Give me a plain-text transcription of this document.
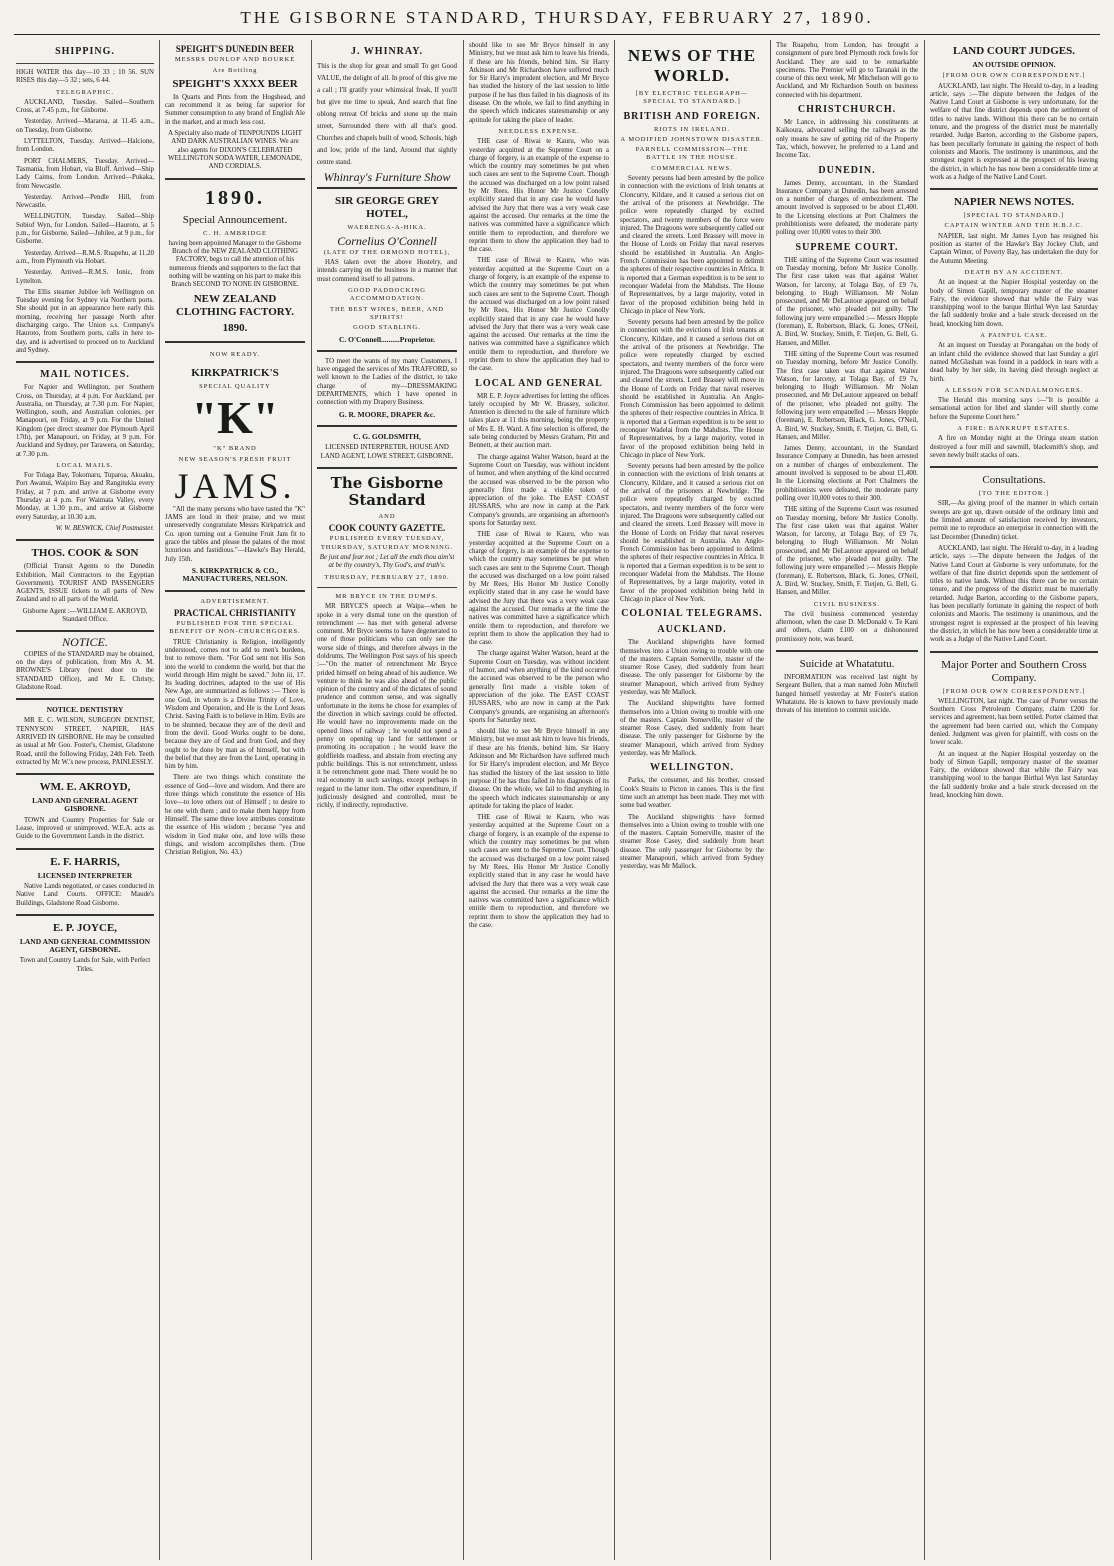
THE GISBORNE STANDARD, THURSDAY, FEBRUARY 27, 1890.
SHIPPING.

HIGH WATER this day—10 33 ; 10 56. SUN RISES this day—5 32 ; sets, 6 44.

TELEGRAPHIC.

AUCKLAND, Tuesday. Sailed—Southern Cross, at 7.45 p.m., for Gisborne.

Yesterday. Arrived—Mararoa, at 11.45 a.m., on Tuesday, from Gisborne.

LYTTELTON, Tuesday. Arrived—Halcione, from London.

PORT CHALMERS, Tuesday. Arrived—Tasmania, from Hobart, via Bluff. Arrived—Ship Lady Caims, from London. Arrived—Pukaka, from Newcastle.

Yesterday. Arrived—Pendle Hill, from Newcastle.

WELLINGTON, Tuesday. Sailed—Ship Sobiof Wyn, for London. Sailed—Hauroto, at 5 p.m., for Gisborne. Sailed—Jubilee, at 9 p.m., for Gisborne.

Yesterday. Arrived—R.M.S. Ruapehu, at 11.20 a.m., from Plymouth via Hobart.

Yesterday. Arrived—R.M.S. Ionic, from Lyttelton.

The Ellis steamer Jubilee left Wellington on Tuesday evening for Sydney via Northern ports. She should put in an appearance here early this morning, receiving her passage North after discharging cargo. The Union s.s. Company's Hauroto, from Southern ports, calls in here to-day, and is advertised to proceed on to Auckland and Sydney.

MAIL NOTICES.

For Napier and Wellington, per Southern Cross, on Thursday, at 4 p.m. For Auckland, per Australia, on Thursday, at 7.30 p.m. For Napier, Wellington, south, and Australian colonies, per Manapouri, on Friday, at 9 p.m. For the United Kingdom (per direct steamer doe Plymouth April 17th), per Manapouri, on Friday, at 9 p.m. For Auckland and Sydney, per Tarawera, on Saturday, at 7.30 p.m.

LOCAL MAILS.

For Tolaga Bay, Tokomaru, Tuparoa, Akuaku, Port Awanui, Waipiro Bay and Rangitukia every Friday, at 7 p.m. and arrive at Gisborne every Thursday at 4 p.m. For Waimata Valley, every Monday, at 1.30 p.m., and arrive at Gisborne every Saturday, at 10.30 a.m.

W. W. BESWICK, Chief Postmaster.

THOS. COOK & SON

(Official Transit Agents to the Dunedin Exhibition, Mail Contractors to the Egyptian Government). TOURIST AND PASSENGERS AGENTS, ISSUE tickets to all parts of New Zealand and to all parts of the World.

Gisborne Agent :—WILLIAM E. AKROYD, Standard Office.

NOTICE.

COPIES of the STANDARD may be obtained, on the days of publication, from Mrs A. M. BROWNE'S Library (next door to the STANDARD Office), and Mr E. Christy, Gladstone Road.

NOTICE. DENTISTRY

MR E. C. WILSON, SURGEON DENTIST, TENNYSON STREET, NAPIER, HAS ARRIVED IN GISBORNE. He may be consulted as usual at Mr Goo. Foster's, Chemist, Gladstone Road, until the following Friday, 24th Feb. Teeth extracted by Mr W.'s new process, PAINLESSLY.

WM. E. AKROYD,
LAND AND GENERAL AGENT GISBORNE.

TOWN and Country Properties for Sale or Lease, improved or unimproved. W.E.A. acts as Guide to the Government Lands in the district.

E. F. HARRIS,
LICENSED INTERPRETER

Native Lands negotiated, or cases conducted in Native Land Courts. OFFICE: Maude's Buildings, Gladstone Road Gisborne.

E. P. JOYCE,
LAND AND GENERAL COMMISSION AGENT, GISBORNE.

Town and Country Lands for Sale, with Perfect Titles.

SPEIGHT'S DUNEDIN BEER
MESSRS DUNLOP AND BOURKE
Are Bottling
SPEIGHT'S XXXX BEER

In Quarts and Pints from the Hogshead, and can recommend it as being far superior for Summer consumption to any brand of English Ale in the market, and at much less cost.

A Specialty also made of TENPOUNDS LIGHT AND DARK AUSTRALIAN WINES. We are also agents for DIXON'S CELEBRATED WELLINGTON SODA WATER, LEMONADE, AND CORDIALS.

1890.
Special Announcement.
C. H. AMBRIDGE

having been appointed Manager to the Gisborne Branch of the NEW ZEALAND CLOTHING FACTORY, begs to call the attention of his numerous friends and supporters to the fact that nothing will be wanting on his part to make this Branch SECOND TO NONE IN GISBORNE.

NEW ZEALAND CLOTHING FACTORY.
1890.
NOW READY.
KIRKPATRICK'S
SPECIAL QUALITY
"K"
"K" BRAND
NEW SEASON'S FRESH FRUIT
JAMS.

"All the many persons who have tasted the "K" JAMS are loud in their praise, and we must unreservedly congratulate Messrs Kirkpatrick and Co. upon turning out a Genuine Fruit Jam fit to grace the tables and please the palates of the most luxurious and fastidious."—Hawke's Bay Herald, July 15th.

S. KIRKPATRICK & CO., MANUFACTURERS, NELSON.
ADVERTISEMENT.
PRACTICAL CHRISTIANITY
PUBLISHED FOR THE SPECIAL BENEFIT OF NON-CHURCHGOERS.

TRUE Christianity is Religion, intelligently understood, comes not to add to men's burdens, but to remove them. "For God sent not His Son into the world to condemn the world, but that the world through Him might be saved." John iii, 17. Its leading doctrines, adapted to the use of His New Age, are summarized as follows :— There is one God, in whom is a Divine Trinity of Love, Wisdom and Operation, and He is the Lord Jesus Christ. Saving Faith is to believe in Him. Evils are to be shunned, because they are of the devil and from the devil. Good Works ought to be done, because they are of God and from God, and they ought to be done by man as of himself, but with the belief that they are from the Lord, operating in him by him.

There are two things which constitute the essence of God—love and wisdom. And there are three things which constitute the essence of His love—to love others out of Himself ; to desire to be one with them ; and to make them happy from Himself. The same three love attributes constitute the essence of His wisdom ; because "yea and wisdom in God make one, and love wills these things, and wisdom accomplishes them. (True Christian Religion, No. 43.)

J. WHINRAY.

This is the shop for great and small To get Good VALUE, the delight of all. In proof of this give me a call ; I'll gratify your whimsical freak, If you'll but give me time to speak, And search that fine oblong retreat Of bricks and stone up the main street, Surrounded there with all that's good. Churches and chapels built of wood, Schools, high and low, pride of the land, Around that sightly centre stand.

Whinray's Furniture Show
SIR GEORGE GREY HOTEL,
WAERENGA-A-HIKA.
Cornelius O'Connell
(LATE OF THE ORMOND HOTEL),

HAS taken over the above Hostelry, and intends carrying on the business in a manner that must commend itself to all patrons.

GOOD PADDOCKING ACCOMMODATION.
THE BEST WINES, BEER, AND SPIRITS!
GOOD STABLING.
C. O'Connell..........Proprietor.

TO meet the wants of my many Customers, I have engaged the services of Mrs TRAFFORD, so well known to the Ladies of the district, to take charge of my—DRESSMAKING DEPARTMENTS, which I have opened in connection with my Drapery Business.

G. R. MOORE, DRAPER &c.
C. G. GOLDSMITH,

LICENSED INTERPRETER, HOUSE AND LAND AGENT, LOWE STREET, GISBORNE.

The Gisborne Standard
AND
COOK COUNTY GAZETTE.
PUBLISHED EVERY TUESDAY, THURSDAY, SATURDAY MORNING.

Be just and fear not ; Let all the ends thou aim'st at be thy country's, Thy God's, and truth's.

THURSDAY, FEBRUARY 27, 1890.
MR BRYCE IN THE DUMPS.

MR BRYCE'S speech at Waipa—when he spoke in a very dismal tone on the question of retrenchment — has met with general adverse comment. Mr Bryce seems to have degenerated to one of those politicians who can only see the worse side of things, and therefore always in the doldrums. The Wellington Post says of his speech :—"On the matter of retrenchment Mr Bryce prided himself on being ahead of his audience. We venture to think he was also ahead of the public opinion of the country and of the dictates of sound prudence and common sense, and was signally unfortunate in the items he chose for examples of the direction in which savings could be effected. He would have no improvements made on the opened lines of railway ; he would not spend a penny on opening up land for settlement or promoting its occupation ; he would leave the goldfields roadless, and abstain from erecting any public buildings. This is not retrenchment, unless it be retrenchment gone mad. There would be no real economy in such savings, except perhaps in regard to the latter item. The other expenditure, if judiciously designed and controlled, must be richly, if indirectly, reproductive.

should like to see Mr Bryce himself in any Ministry, but we must ask him to leave his friends, if these are his friends, behind him. Sir Harry Atkinson and Mr Richardson have suffered much for Sir Harry's imprudent election, and Mr Bryce has studied the history of the last session to little purpose if he has thus failed in his diagnosis of its disease. On the whole, we fail to find anything in the speech which indicates statesmanship or any aptitude for taking the place of leader.

NEEDLESS EXPENSE.

THE case of Riwai te Kauru, who was yesterday acquitted at the Supreme Court on a charge of forgery, is an example of the expense to which the country may sometimes be put when such cases are sent to the Supreme Court. Though the accused was discharged on a low point raised by Mr Rees, His Honor Mr Justice Conolly explicitly stated that in any case he would have advised the Jury that there was a very weak case against the accused. Our remarks at the time the natives was committed have a significance which entitle them to reproduction, and therefore we reprint them to show the application they had to the case.

THE case of Riwai te Kauru, who was yesterday acquitted at the Supreme Court on a charge of forgery, is an example of the expense to which the country may sometimes be put when such cases are sent to the Supreme Court. Though the accused was discharged on a low point raised by Mr Rees, His Honor Mr Justice Conolly explicitly stated that in any case he would have advised the Jury that there was a very weak case against the accused. Our remarks at the time the natives was committed have a significance which entitle them to reproduction, and therefore we reprint them to show the application they had to the case.

LOCAL AND GENERAL

MR E. P. Joyce advertises for letting the offices lately occupied by Mr W. Brassey, solicitor. Attention is directed to the sale of furniture which takes place at 11 this morning, being the property of Mrs E. H. Ward. A fine selection is offered, the sale being conducted by Messrs Graham, Pitt and Bennett, at their auction mart.

The charge against Walter Watson, heard at the Supreme Court on Tuesday, was without incident of humor, and when anything of the kind occurred the accused was observed to be the person who generally first made a visible token of appreciation of the joke. The EAST COAST HUSSARS, who are now in camp at the Park Company's grounds, are organising an afternoon's sports for Saturday next.

THE case of Riwai te Kauru, who was yesterday acquitted at the Supreme Court on a charge of forgery, is an example of the expense to which the country may sometimes be put when such cases are sent to the Supreme Court. Though the accused was discharged on a low point raised by Mr Rees, His Honor Mr Justice Conolly explicitly stated that in any case he would have advised the Jury that there was a very weak case against the accused. Our remarks at the time the natives was committed have a significance which entitle them to reproduction, and therefore we reprint them to show the application they had to the case.

The charge against Walter Watson, heard at the Supreme Court on Tuesday, was without incident of humor, and when anything of the kind occurred the accused was observed to be the person who generally first made a visible token of appreciation of the joke. The EAST COAST HUSSARS, who are now in camp at the Park Company's grounds, are organising an afternoon's sports for Saturday next.

should like to see Mr Bryce himself in any Ministry, but we must ask him to leave his friends, if these are his friends, behind him. Sir Harry Atkinson and Mr Richardson have suffered much for Sir Harry's imprudent election, and Mr Bryce has studied the history of the last session to little purpose if he has thus failed in his diagnosis of its disease. On the whole, we fail to find anything in the speech which indicates statesmanship or any aptitude for taking the place of leader.

THE case of Riwai te Kauru, who was yesterday acquitted at the Supreme Court on a charge of forgery, is an example of the expense to which the country may sometimes be put when such cases are sent to the Supreme Court. Though the accused was discharged on a low point raised by Mr Rees, His Honor Mr Justice Conolly explicitly stated that in any case he would have advised the Jury that there was a very weak case against the accused. Our remarks at the time the natives was committed have a significance which entitle them to reproduction, and therefore we reprint them to show the application they had to the case.

NEWS OF THE WORLD.
[BY ELECTRIC TELEGRAPH—SPECIAL TO STANDARD.]
BRITISH AND FOREIGN.
RIOTS IN IRELAND.
A MODIFIED JOHNSTOWN DISASTER.
PARNELL COMMISSION—THE BATTLE IN THE HOUSE.
COMMERCIAL NEWS.

Seventy persons had been arrested by the police in connection with the evictions of Irish tenants at Cloncurry, Kildare, and it caused a serious riot on the arrival of the prisoners at Newbridge. The police were repeatedly charged by excited spectators, and twenty members of the force were injured. The Dragoons were subsequently called out and cleared the streets. Lord Brassey will move in the House of Lords on Friday that naval reserves should be established in Australia. An Anglo-French Commission has been appointed to delimit the spheres of their respective countries in Africa. It is reported that a German expedition is to be sent to reconquer Wadelai from the Mahdists. The House of Representatives, by a large majority, voted in favor of the proposed exhibition being held in Chicago in place of New York.

Seventy persons had been arrested by the police in connection with the evictions of Irish tenants at Cloncurry, Kildare, and it caused a serious riot on the arrival of the prisoners at Newbridge. The police were repeatedly charged by excited spectators, and twenty members of the force were injured. The Dragoons were subsequently called out and cleared the streets. Lord Brassey will move in the House of Lords on Friday that naval reserves should be established in Australia. An Anglo-French Commission has been appointed to delimit the spheres of their respective countries in Africa. It is reported that a German expedition is to be sent to reconquer Wadelai from the Mahdists. The House of Representatives, by a large majority, voted in favor of the proposed exhibition being held in Chicago in place of New York.

Seventy persons had been arrested by the police in connection with the evictions of Irish tenants at Cloncurry, Kildare, and it caused a serious riot on the arrival of the prisoners at Newbridge. The police were repeatedly charged by excited spectators, and twenty members of the force were injured. The Dragoons were subsequently called out and cleared the streets. Lord Brassey will move in the House of Lords on Friday that naval reserves should be established in Australia. An Anglo-French Commission has been appointed to delimit the spheres of their respective countries in Africa. It is reported that a German expedition is to be sent to reconquer Wadelai from the Mahdists. The House of Representatives, by a large majority, voted in favor of the proposed exhibition being held in Chicago in place of New York.

COLONIAL TELEGRAMS.
AUCKLAND.

The Auckland shipwrights have formed themselves into a Union owing to trouble with one of the masters. Captain Somerville, master of the steamer Rose Casey, died suddenly from heart disease. The only passenger for Gisborne by the steamer Manapouri, which arrived from Sydney yesterday, was Mr Mallock.

The Auckland shipwrights have formed themselves into a Union owing to trouble with one of the masters. Captain Somerville, master of the steamer Rose Casey, died suddenly from heart disease. The only passenger for Gisborne by the steamer Manapouri, which arrived from Sydney yesterday, was Mr Mallock.

WELLINGTON.

Parks, the consumer, and his brother, crossed Cook's Straits to Picton in canoes. This is the first time such an attempt has been made. They met with some bad weather.

The Auckland shipwrights have formed themselves into a Union owing to trouble with one of the masters. Captain Somerville, master of the steamer Rose Casey, died suddenly from heart disease. The only passenger for Gisborne by the steamer Manapouri, which arrived from Sydney yesterday, was Mr Mallock.

The Ruapehu, from London, has brought a consignment of pure bred Plymouth rock fowls for Auckland. They are said to be remarkable specimens. The Premier will go to Taranaki in the course of this next week, Mr Mitchelson will go to Auckland, and Mr Richardson South on business connected with his department.

CHRISTCHURCH.

Mr Lance, in addressing his constituents at Kaikoura, advocated selling the railways as the only means he saw of getting rid of the Property Tax, which, however, he preferred to a Land and Income Tax.

DUNEDIN.

James Denny, accountant, in the Standard Insurance Company at Dunedin, has been arrested on a number of charges of embezzlement. The amount involved is supposed to be about £1,400. In the Licensing elections at Port Chalmers the prohibitionists were defeated, the moderate party polling over 10,000 votes to their 300.

SUPREME COURT.

THE sitting of the Supreme Court was resumed on Tuesday morning, before Mr Justice Conolly. The first case taken was that against Walter Watson, for larceny, at Tolaga Bay, of £9 7s, belonging to Hugh Williamson. Mr Nolan prosecuted, and Mr DeLautour appeared on behalf of the prisoner, who pleaded not guilty. The following jury were empanelled :— Messrs Hepple (foreman), E. Robertson, Black, G. Jones, O'Neil, A. Bird, W. Stuckey, Smith, F. Tietjen, G. Bell, G. Hansen, and Miller.

THE sitting of the Supreme Court was resumed on Tuesday morning, before Mr Justice Conolly. The first case taken was that against Walter Watson, for larceny, at Tolaga Bay, of £9 7s, belonging to Hugh Williamson. Mr Nolan prosecuted, and Mr DeLautour appeared on behalf of the prisoner, who pleaded not guilty. The following jury were empanelled :— Messrs Hepple (foreman), E. Robertson, Black, G. Jones, O'Neil, A. Bird, W. Stuckey, Smith, F. Tietjen, G. Bell, G. Hansen, and Miller.

James Denny, accountant, in the Standard Insurance Company at Dunedin, has been arrested on a number of charges of embezzlement. The amount involved is supposed to be about £1,400. In the Licensing elections at Port Chalmers the prohibitionists were defeated, the moderate party polling over 10,000 votes to their 300.

THE sitting of the Supreme Court was resumed on Tuesday morning, before Mr Justice Conolly. The first case taken was that against Walter Watson, for larceny, at Tolaga Bay, of £9 7s, belonging to Hugh Williamson. Mr Nolan prosecuted, and Mr DeLautour appeared on behalf of the prisoner, who pleaded not guilty. The following jury were empanelled :— Messrs Hepple (foreman), E. Robertson, Black, G. Jones, O'Neil, A. Bird, W. Stuckey, Smith, F. Tietjen, G. Bell, G. Hansen, and Miller.

CIVIL BUSINESS.

The civil business commenced yesterday afternoon, when the case D. McDonald v. Te Kani and others, claim £100 on a dishonoured promissory note, was heard.

Suicide at Whatatutu.

INFORMATION was received last night by Sergeant Bullen, that a man named John Mitchell hanged himself yesterday at Mr Foster's station Whatatutu. He is known to have previously made threats of his intention to commit suicide.

LAND COURT JUDGES.
AN OUTSIDE OPINION.
[FROM OUR OWN CORRESPONDENT.]

AUCKLAND, last night. The Herald to-day, in a leading article, says :—The dispute between the Judges of the Native Land Court at Gisborne is very unfortunate, for the welfare of that fine district depends upon the settlement of titles to native lands. Without this there can be no certain tenure, and the progress of the district must be materially retarded. Judge Barton, according to the Gisborne papers, has been peculiarly fortunate in gaining the respect of both colonists and Maoris. The testimony is unanimous, and the strongest regret is expressed at the prospect of his leaving the district, in which he has now been a considerable time at work as a Judge of the Native Land Court.

NAPIER NEWS NOTES.
[SPECIAL TO STANDARD.]
CAPTAIN WINTER AND THE H.B.J.C.

NAPIER, last night. Mr James Lyon has resigned his position as starter of the Hawke's Bay Jockey Club, and Captain Winter, of Poverty Bay, has undertaken the duty for the Autumn Meeting.

DEATH BY AN ACCIDENT.

At an inquest at the Napier Hospital yesterday on the body of Simon Gapill, temporary master of the steamer Fairy, the evidence showed that while the Fairy was transhipping wool to the barque Birthal Wyn last Saturday the fall suddenly broke and a bale struck deceased on the head, knocking him down.

A PAINFUL CASE.

At an inquest on Tuesday at Porangahau on the body of an infant child the evidence showed that last Sunday a girl named McGlashan was found in a paddock in tears with a dead baby by her side, its having died through neglect at birth.

A LESSON FOR SCANDALMONGERS.

The Herald this morning says :—"It is possible a sensational action for libel and slander will shortly come before the Supreme Court here."

A FIRE: BANKRUPT ESTATES.

A fire on Monday night at the Oringa steam station destroyed a four mill and sawmill, blacksmith's shop, and seven newly built stacks of oats.

Consultations.
[TO THE EDITOR.]

SIR,—As giving proof of the manner in which certain sweeps are got up, drawn outside of the ordinary limit and the limited amount of satisfaction received by investors, permit me to reproduce an enterprise in connection with the last December (Dunedin) ticket.

AUCKLAND, last night. The Herald to-day, in a leading article, says :—The dispute between the Judges of the Native Land Court at Gisborne is very unfortunate, for the welfare of that fine district depends upon the settlement of titles to native lands. Without this there can be no certain tenure, and the progress of the district must be materially retarded. Judge Barton, according to the Gisborne papers, has been peculiarly fortunate in gaining the respect of both colonists and Maoris. The testimony is unanimous, and the strongest regret is expressed at the prospect of his leaving the district, in which he has now been a considerable time at work as a Judge of the Native Land Court.

Major Porter and Southern Cross Company.
[FROM OUR OWN CORRESPONDENT.]

WELLINGTON, last night. The case of Porter versus the Southern Cross Petroleum Company, claim £200 for services and agreement, has been settled. Porter claimed that the agreement had been carried out, which the Company denied. Judgment was given for plaintiff, with costs on the lower scale.

At an inquest at the Napier Hospital yesterday on the body of Simon Gapill, temporary master of the steamer Fairy, the evidence showed that while the Fairy was transhipping wool to the barque Birthal Wyn last Saturday the fall suddenly broke and a bale struck deceased on the head, knocking him down.
